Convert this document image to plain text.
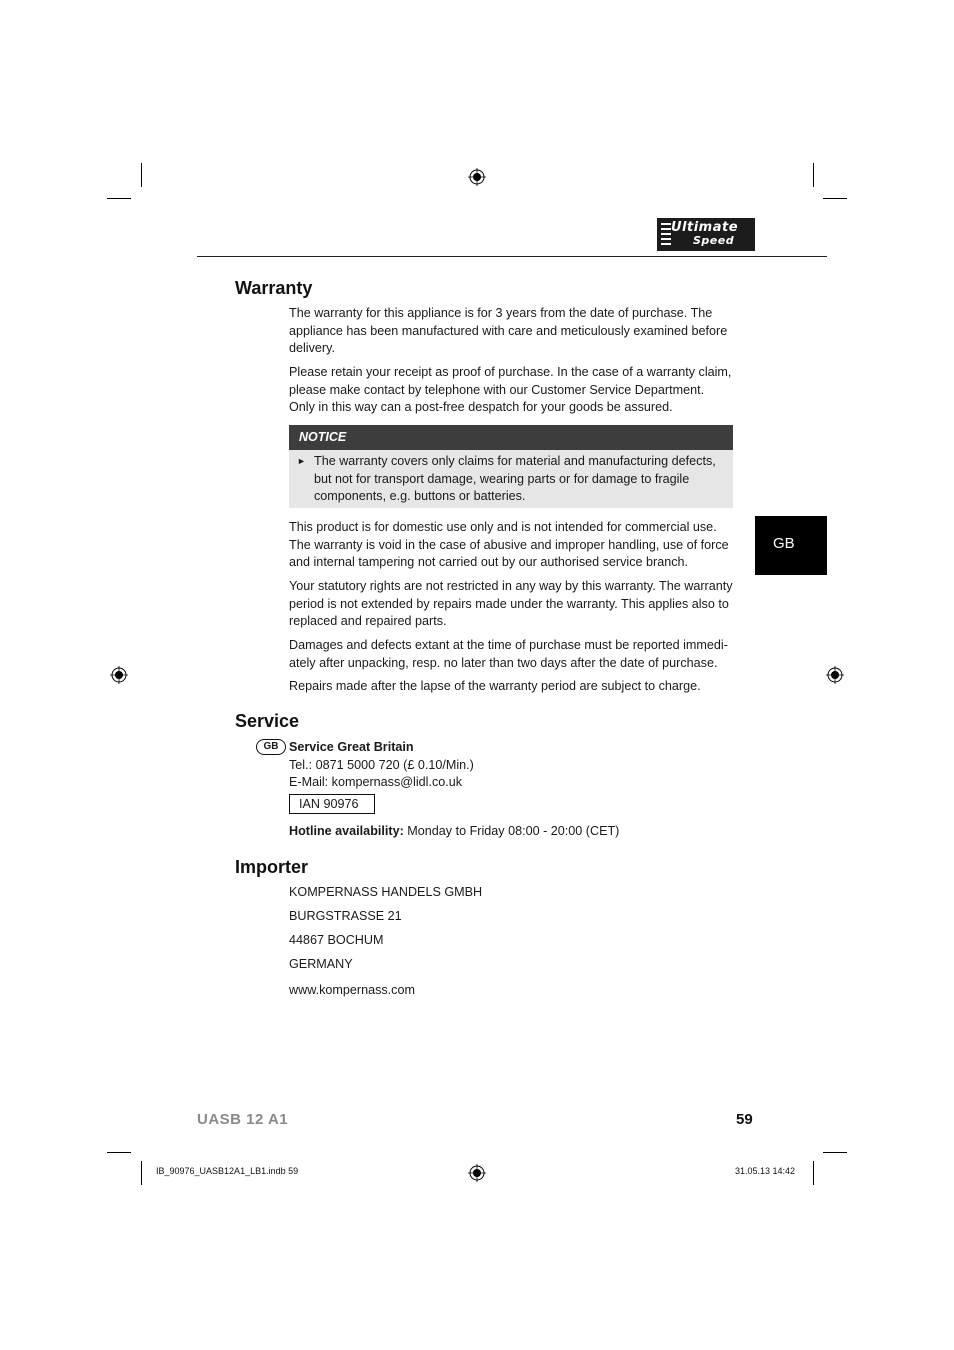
Ultimate
Speed
GB
Warranty

The warranty for this appliance is for 3 years from the date of purchase. The appliance has been manufactured with care and meticulously examined before delivery.

Please retain your receipt as proof of purchase. In the case of a warranty claim, please make contact by telephone with our Customer Service Department. Only in this way can a post-free despatch for your goods be assured.

NOTICE
► The warranty covers only claims for material and manufacturing defects, but not for transport damage, wearing parts or for damage to fragile components, e.g. buttons or batteries.

This product is for domestic use only and is not intended for commercial use. The warranty is void in the case of abusive and improper handling, use of force and internal tampering not carried out by our authorised service branch.

Your statutory rights are not restricted in any way by this warranty. The warranty period is not extended by repairs made under the warranty. This applies also to replaced and repaired parts.

Damages and defects extant at the time of purchase must be reported immedi-ately after unpacking, resp. no later than two days after the date of purchase.

Repairs made after the lapse of the warranty period are subject to charge.

Service
GB Service Great Britain

Tel.: 0871 5000 720 (£ 0.10/Min.)

E-Mail: kompernass@lidl.co.uk

IAN 90976

Hotline availability: Monday to Friday 08:00 - 20:00 (CET)

Importer
KOMPERNASS HANDELS GMBH
BURGSTRASSE 21
44867 BOCHUM
GERMANY
www.kompernass.com
UASB 12 A1	59
IB_90976_UASB12A1_LB1.indb 59	31.05.13 14:42
